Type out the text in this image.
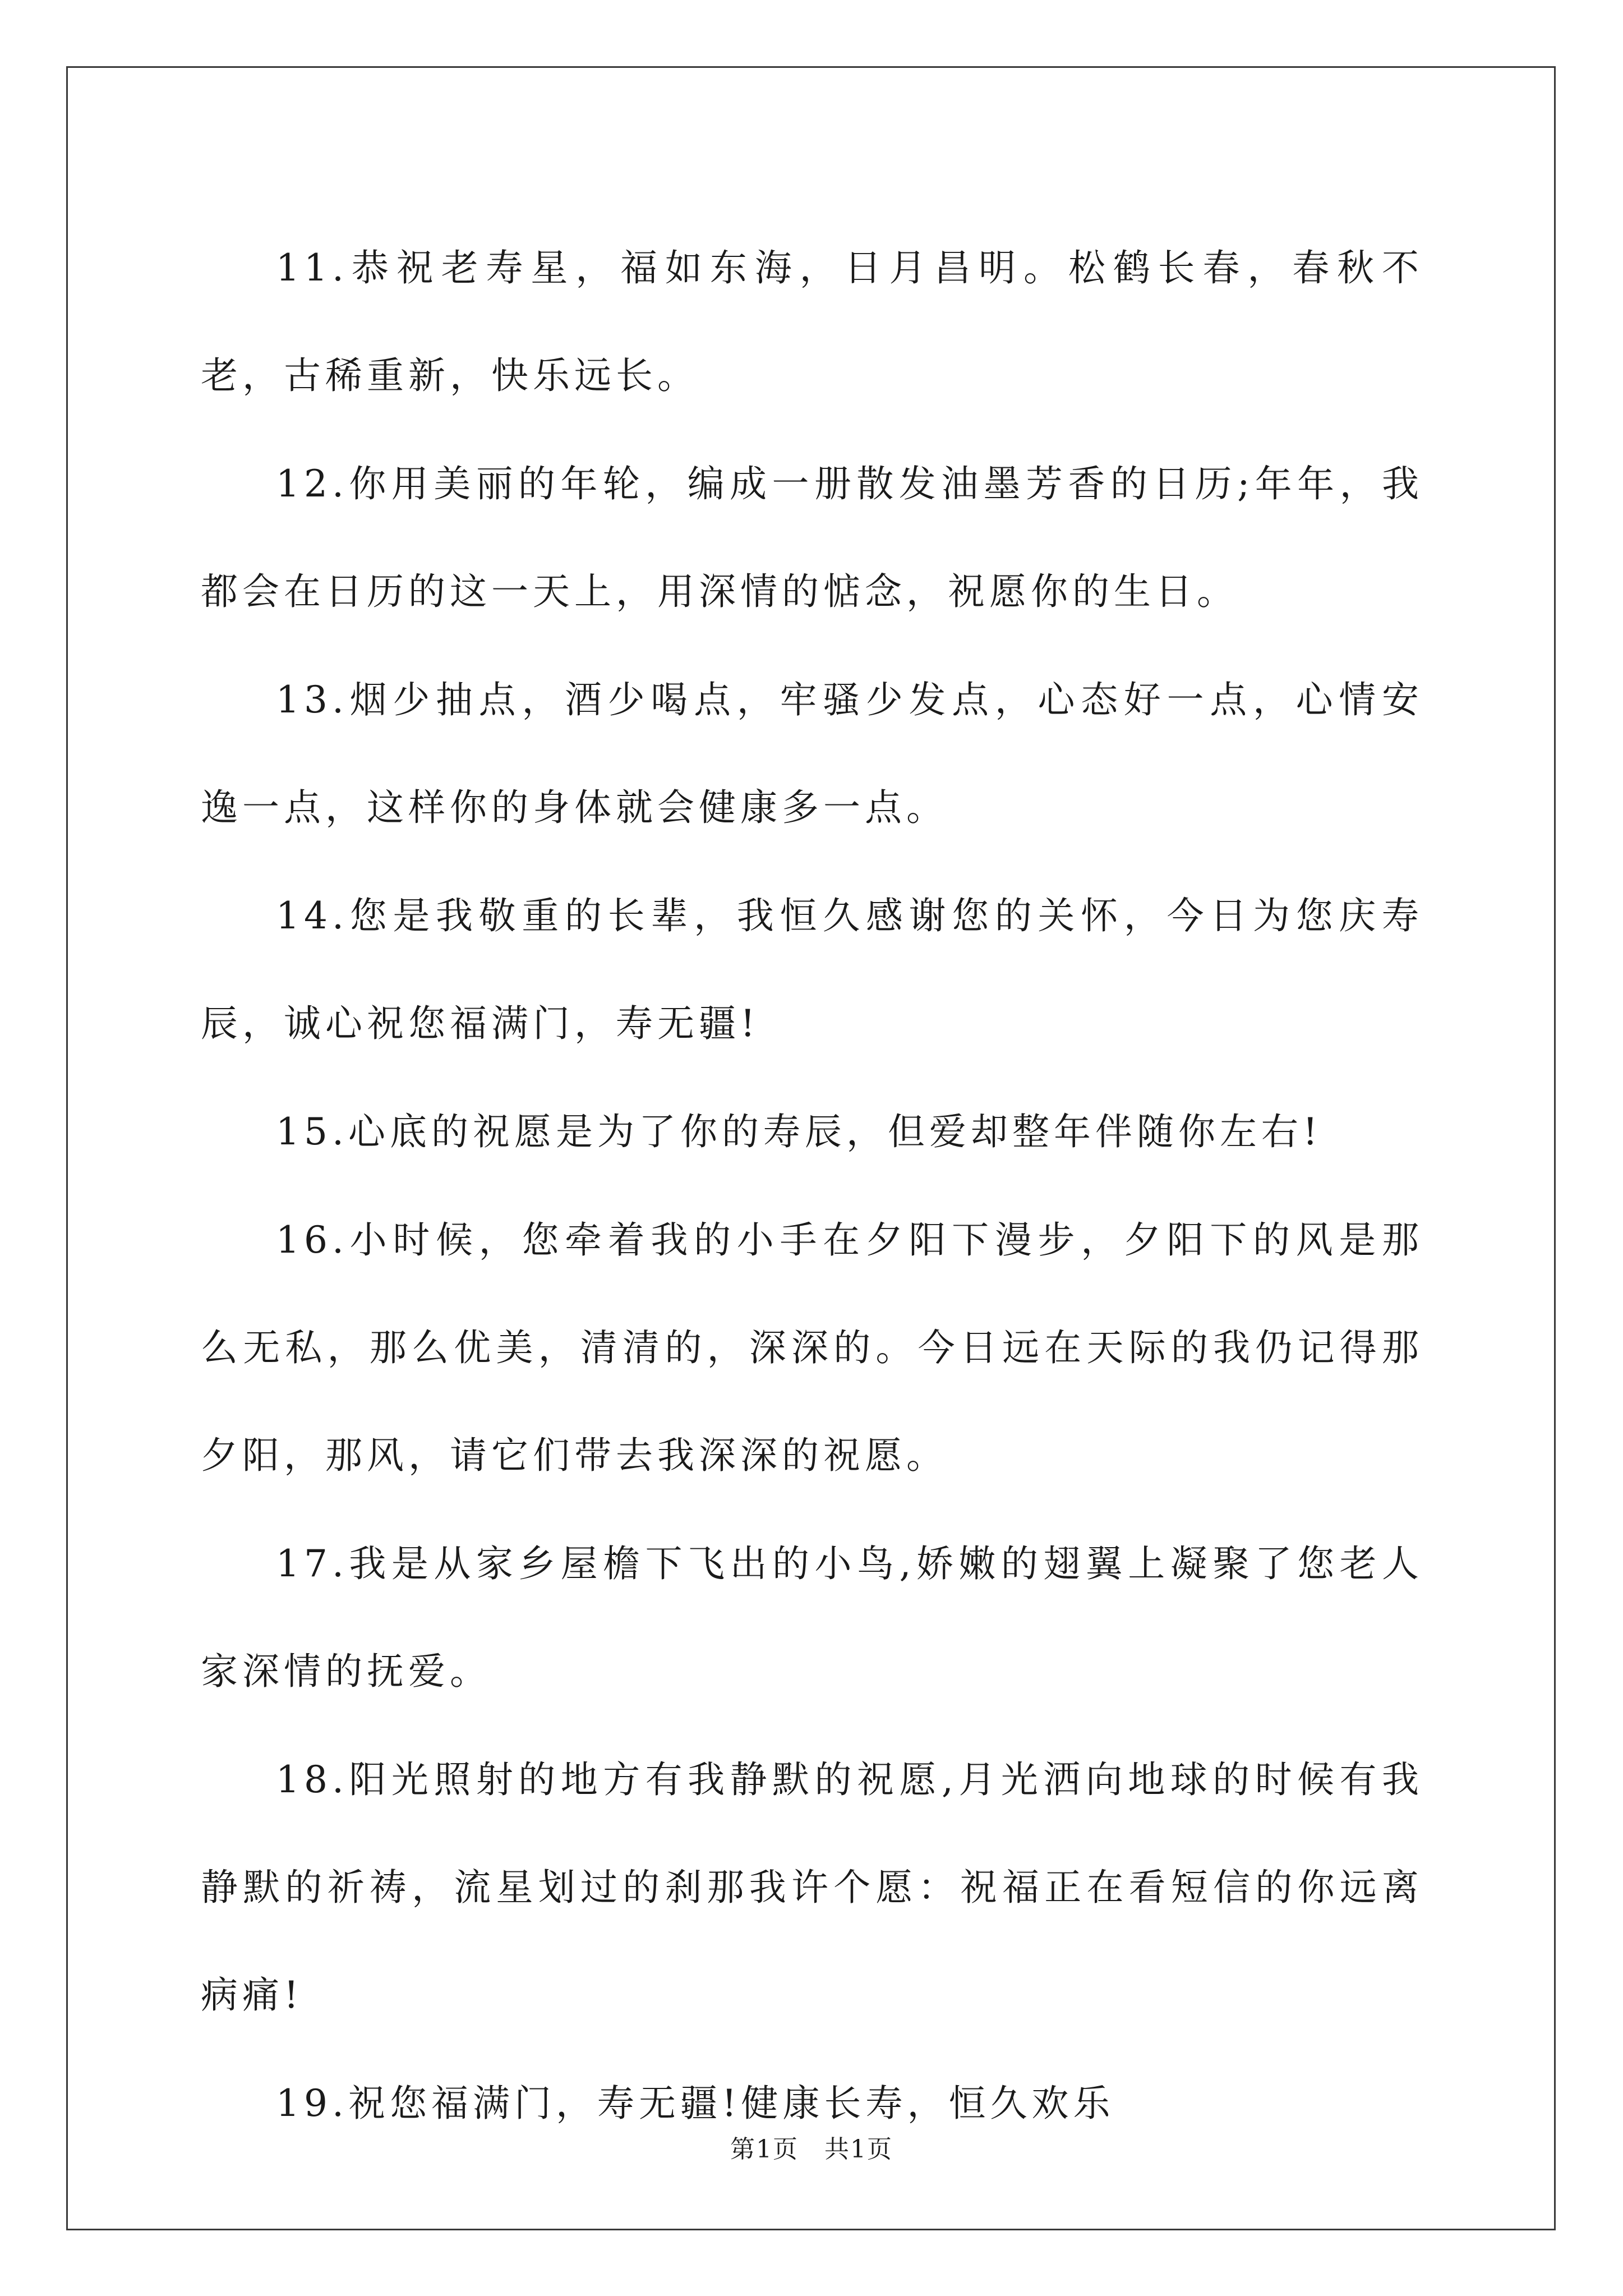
11.恭祝老寿星，福如东海，日月昌明。松鹤长春，春秋不老，古稀重新，快乐远长。

12.你用美丽的年轮，编成一册散发油墨芳香的日历;年年，我都会在日历的这一天上，用深情的惦念，祝愿你的生日。

13.烟少抽点，酒少喝点，牢骚少发点，心态好一点，心情安逸一点，这样你的身体就会健康多一点。

14.您是我敬重的长辈，我恒久感谢您的关怀，今日为您庆寿辰，诚心祝您福满门，寿无疆!

15.心底的祝愿是为了你的寿辰，但爱却整年伴随你左右!

16.小时候，您牵着我的小手在夕阳下漫步，夕阳下的风是那么无私，那么优美，清清的，深深的。今日远在天际的我仍记得那夕阳，那风，请它们带去我深深的祝愿。

17.我是从家乡屋檐下飞出的小鸟,娇嫩的翅翼上凝聚了您老人家深情的抚爱。

18.阳光照射的地方有我静默的祝愿,月光洒向地球的时候有我静默的祈祷，流星划过的刹那我许个愿：祝福正在看短信的你远离病痛!

19.祝您福满门，寿无疆!健康长寿，恒久欢乐

第1页　共1页
